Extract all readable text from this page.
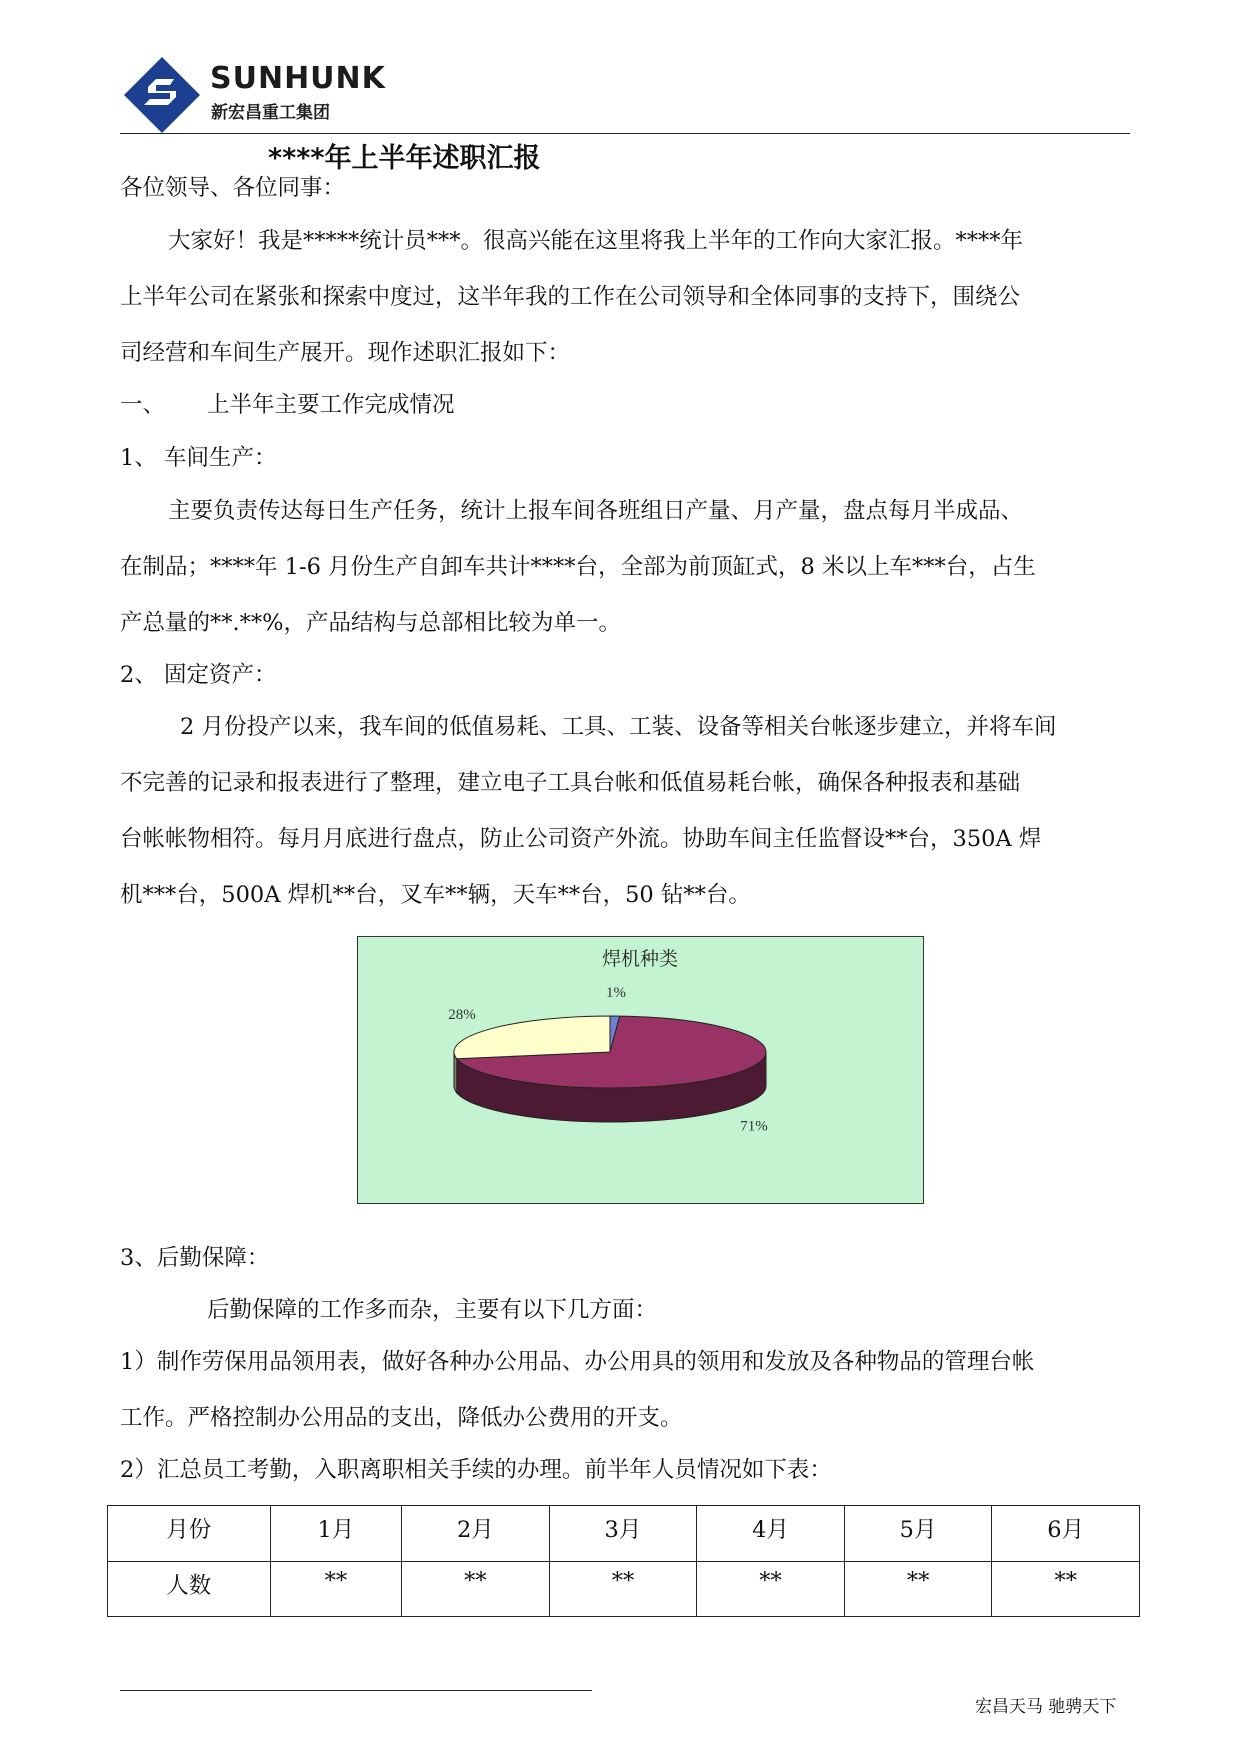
SUNHUNK
新宏昌重工集团
****年上半年述职汇报
各位领导、各位同事：
大家好！我是*****统计员***。很高兴能在这里将我上半年的工作向大家汇报。****年
上半年公司在紧张和探索中度过，这半年我的工作在公司领导和全体同事的支持下，围绕公
司经营和车间生产展开。现作述职汇报如下：
一、 上半年主要工作完成情况
1、 车间生产：
主要负责传达每日生产任务，统计上报车间各班组日产量、月产量，盘点每月半成品、
在制品；****年 1-6 月份生产自卸车共计****台，全部为前顶缸式，8 米以上车***台，占生
产总量的**.**%，产品结构与总部相比较为单一。
2、 固定资产：
2 月份投产以来，我车间的低值易耗、工具、工装、设备等相关台帐逐步建立，并将车间
不完善的记录和报表进行了整理，建立电子工具台帐和低值易耗台帐，确保各种报表和基础
台帐帐物相符。每月月底进行盘点，防止公司资产外流。协助车间主任监督设**台，350A 焊
机***台，500A 焊机**台，叉车**辆，天车**台，50 钻**台。
焊机种类
1%
71%
28%
3、后勤保障：
后勤保障的工作多而杂，主要有以下几方面：
1）制作劳保用品领用表，做好各种办公用品、办公用具的领用和发放及各种物品的管理台帐
工作。严格控制办公用品的支出，降低办公费用的开支。
2）汇总员工考勤，入职离职相关手续的办理。前半年人员情况如下表：
月份	1月	2月	3月	4月	5月	6月
人数	**	**	**	**	**	**
宏昌天马 驰骋天下
